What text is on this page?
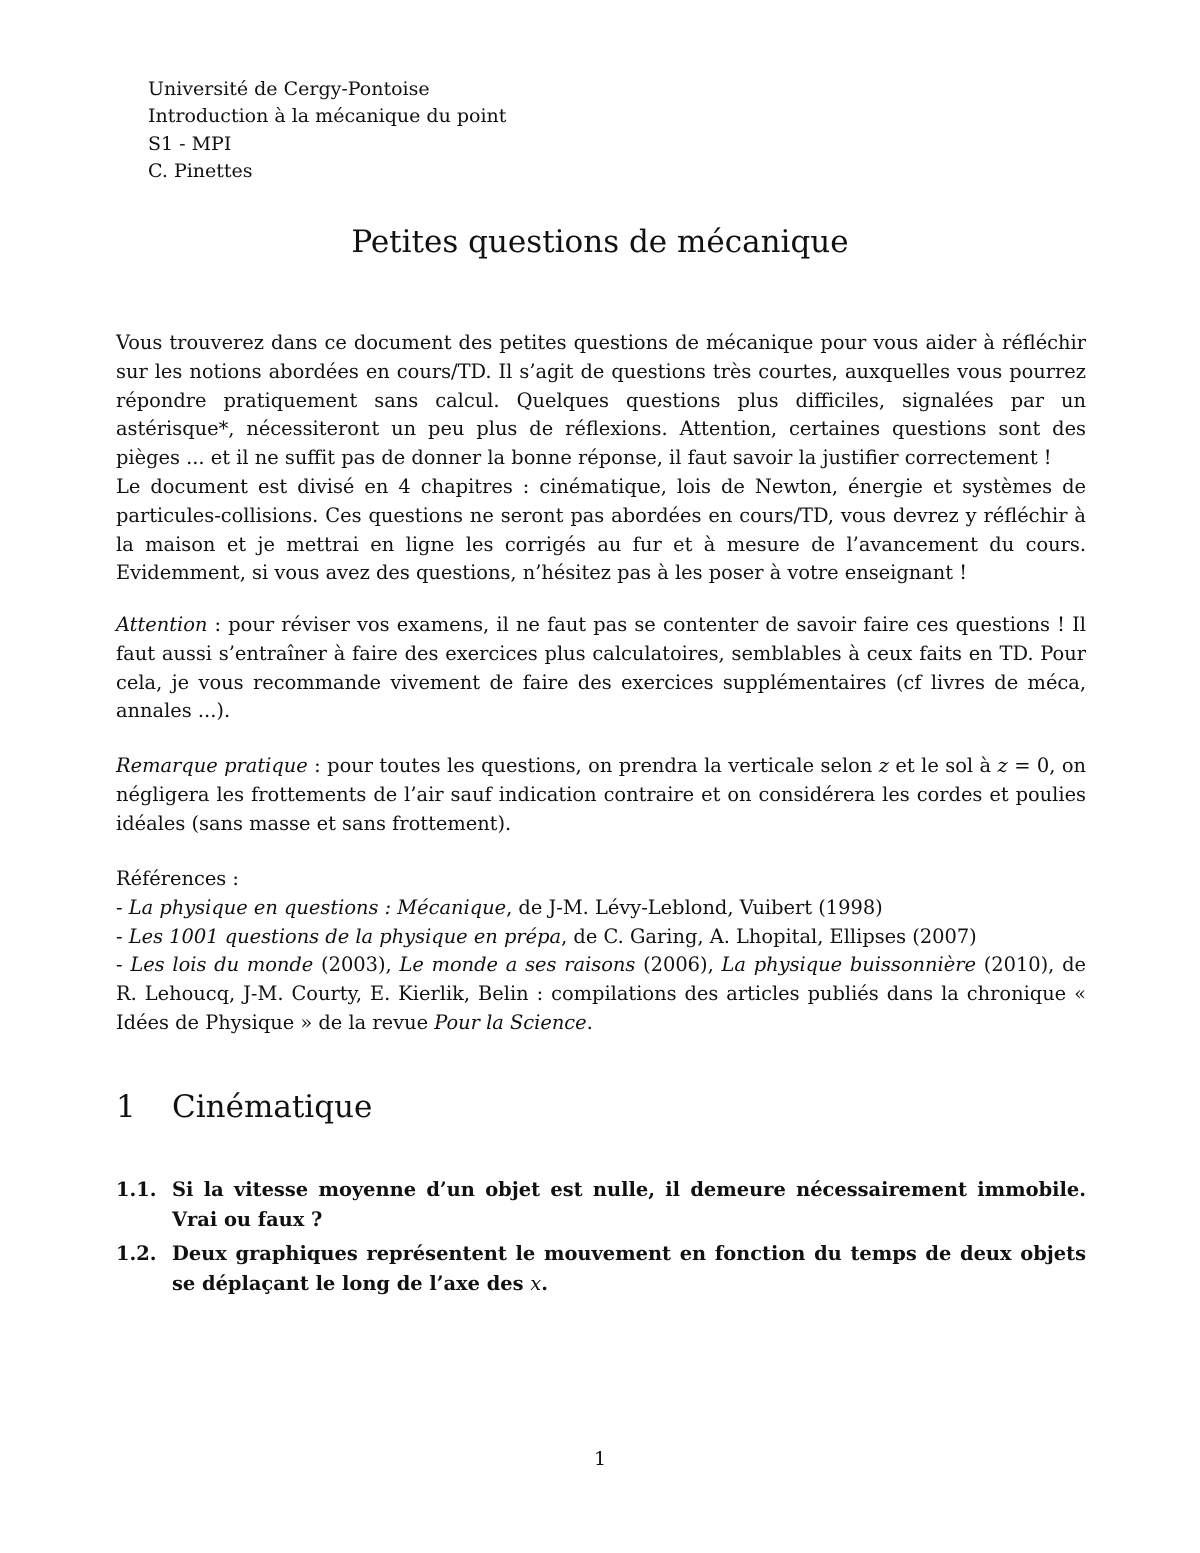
Université de Cergy-Pontoise
Introduction à la mécanique du point
S1 - MPI
C. Pinettes
Petites questions de mécanique
Vous trouverez dans ce document des petites questions de mécanique pour vous aider à réfléchir sur les notions abordées en cours/TD. Il s’agit de questions très courtes, auxquelles vous pourrez répondre pratiquement sans calcul. Quelques questions plus difficiles, signalées par un astérisque*, nécessiteront un peu plus de réflexions. Attention, certaines questions sont des pièges ... et il ne suffit pas de donner la bonne réponse, il faut savoir la justifier correctement !
Le document est divisé en 4 chapitres : cinématique, lois de Newton, énergie et systèmes de particules-collisions. Ces questions ne seront pas abordées en cours/TD, vous devrez y réfléchir à la maison et je mettrai en ligne les corrigés au fur et à mesure de l’avancement du cours. Evidemment, si vous avez des questions, n’hésitez pas à les poser à votre enseignant !
Attention : pour réviser vos examens, il ne faut pas se contenter de savoir faire ces questions ! Il faut aussi s’entraîner à faire des exercices plus calculatoires, semblables à ceux faits en TD. Pour cela, je vous recommande vivement de faire des exercices supplémentaires (cf livres de méca, annales ...).
Remarque pratique : pour toutes les questions, on prendra la verticale selon z et le sol à z = 0, on négligera les frottements de l’air sauf indication contraire et on considérera les cordes et poulies idéales (sans masse et sans frottement).
Références :
- La physique en questions : Mécanique, de J-M. Lévy-Leblond, Vuibert (1998)
- Les 1001 questions de la physique en prépa, de C. Garing, A. Lhopital, Ellipses (2007)
- Les lois du monde (2003), Le monde a ses raisons (2006), La physique buissonnière (2010), de R. Lehoucq, J-M. Courty, E. Kierlik, Belin : compilations des articles publiés dans la chronique « Idées de Physique » de la revue Pour la Science.
1 Cinématique
1.1. Si la vitesse moyenne d’un objet est nulle, il demeure nécessairement immobile. Vrai ou faux ?
1.2. Deux graphiques représentent le mouvement en fonction du temps de deux objets se déplaçant le long de l’axe des x.
1
